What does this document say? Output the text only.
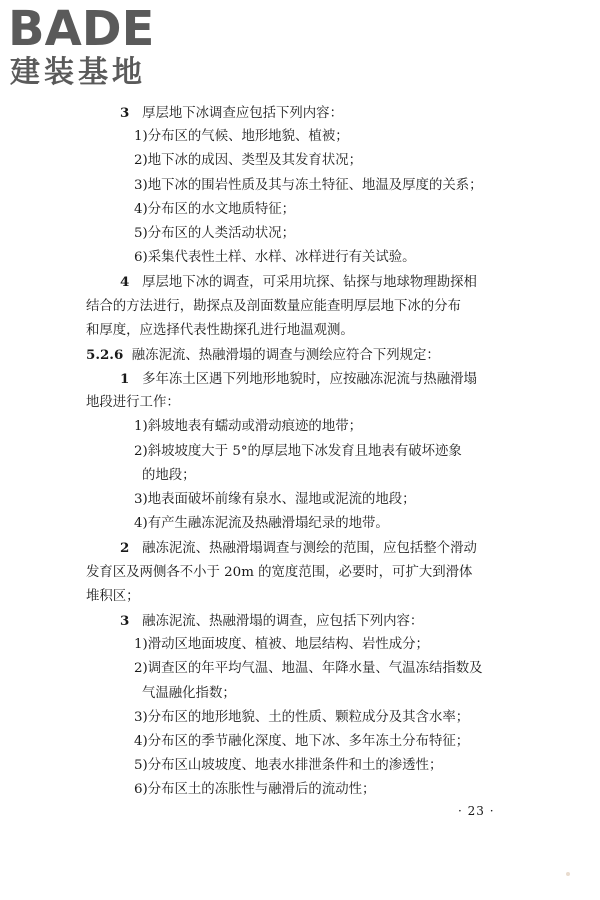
BADE
建装基地
3 厚层地下冰调查应包括下列内容：
1)分布区的气候、地形地貌、植被；
2)地下冰的成因、类型及其发育状况；
3)地下冰的围岩性质及其与冻土特征、地温及厚度的关系；
4)分布区的水文地质特征；
5)分布区的人类活动状况；
6)采集代表性土样、水样、冰样进行有关试验。
4 厚层地下冰的调查，可采用坑探、钻探与地球物理勘探相
结合的方法进行，勘探点及剖面数量应能查明厚层地下冰的分布
和厚度，应选择代表性勘探孔进行地温观测。
5.2.6 融冻泥流、热融滑塌的调查与测绘应符合下列规定：
1 多年冻土区遇下列地形地貌时，应按融冻泥流与热融滑塌
地段进行工作：
1)斜坡地表有蠕动或滑动痕迹的地带；
2)斜坡坡度大于 5°的厚层地下冰发育且地表有破坏迹象
的地段；
3)地表面破坏前缘有泉水、湿地或泥流的地段；
4)有产生融冻泥流及热融滑塌纪录的地带。
2 融冻泥流、热融滑塌调查与测绘的范围，应包括整个滑动
发育区及两侧各不小于 20m 的宽度范围，必要时，可扩大到滑体
堆积区；
3 融冻泥流、热融滑塌的调查，应包括下列内容：
1)滑动区地面坡度、植被、地层结构、岩性成分；
2)调查区的年平均气温、地温、年降水量、气温冻结指数及
气温融化指数；
3)分布区的地形地貌、土的性质、颗粒成分及其含水率；
4)分布区的季节融化深度、地下冰、多年冻土分布特征；
5)分布区山坡坡度、地表水排泄条件和土的渗透性；
6)分布区土的冻胀性与融滑后的流动性；
· 23 ·
